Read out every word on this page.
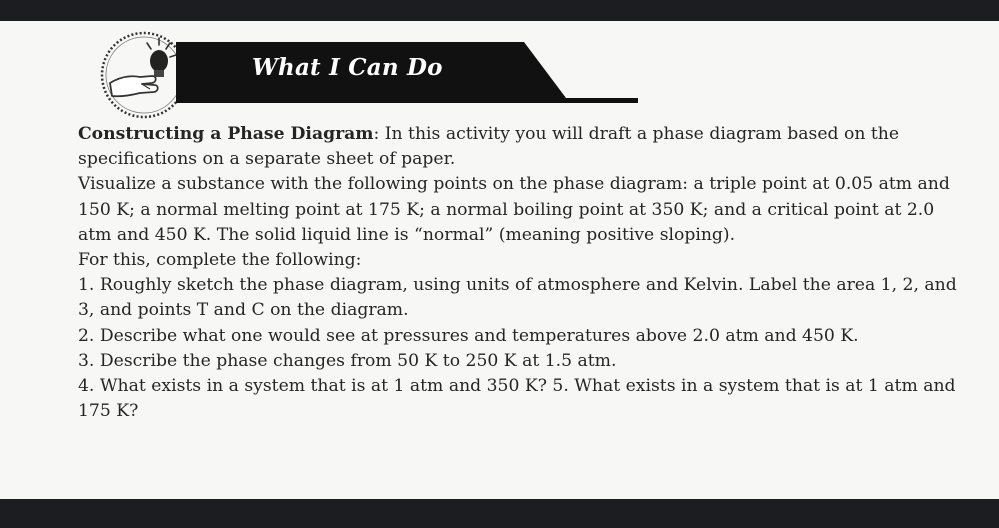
What I Can Do

Constructing a Phase Diagram: In this activity you will draft a phase diagram based on the specifications on a separate sheet of paper.

Visualize a substance with the following points on the phase diagram: a triple point at 0.05 atm and 150 K; a normal melting point at 175 K; a normal boiling point at 350 K; and a critical point at 2.0 atm and 450 K. The solid liquid line is “normal” (meaning positive sloping).

For this, complete the following:

1. Roughly sketch the phase diagram, using units of atmosphere and Kelvin. Label the area 1, 2, and 3, and points T and C on the diagram.

2. Describe what one would see at pressures and temperatures above 2.0 atm and 450 K.

3. Describe the phase changes from 50 K to 250 K at 1.5 atm.

4. What exists in a system that is at 1 atm and 350 K? 5. What exists in a system that is at 1 atm and 175 K?
